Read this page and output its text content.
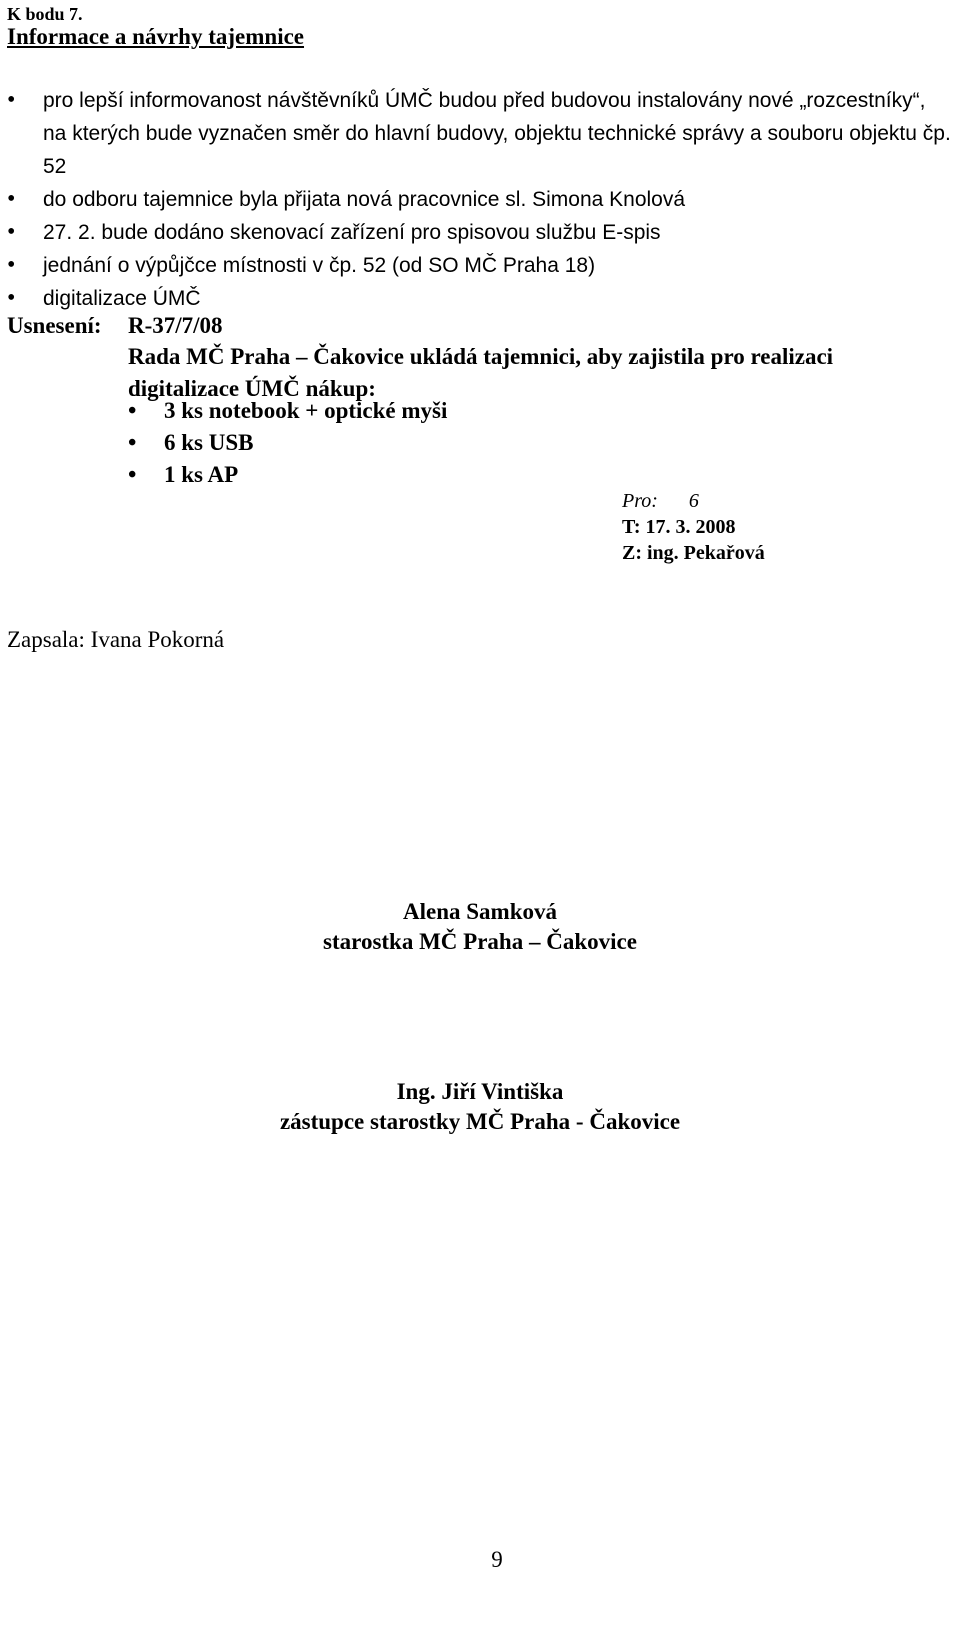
K bodu 7.
Informace a návrhy tajemnice
•	pro lepší informovanost návštěvníků ÚMČ budou před budovou instalovány nové „rozcestníky“, na kterých bude vyznačen směr do hlavní budovy, objektu technické správy a souboru objektu čp. 52
•	do odboru tajemnice byla přijata nová pracovnice sl. Simona Knolová
•	27. 2. bude dodáno skenovací zařízení pro spisovou službu E-spis
•	jednání o výpůjčce místnosti v čp. 52 (od SO MČ Praha 18)
•	digitalizace ÚMČ
Usnesení: R-37/7/08
Rada MČ Praha – Čakovice ukládá tajemnici, aby zajistila pro realizaci digitalizace ÚMČ nákup:
• 3 ks notebook + optické myši
• 6 ks USB
• 1 ks AP
Pro: 6
T: 17. 3. 2008
Z: ing. Pekařová
Zapsala: Ivana Pokorná
Alena Samková
starostka MČ Praha – Čakovice
Ing. Jiří Vintiška
zástupce starostky MČ Praha - Čakovice
9
